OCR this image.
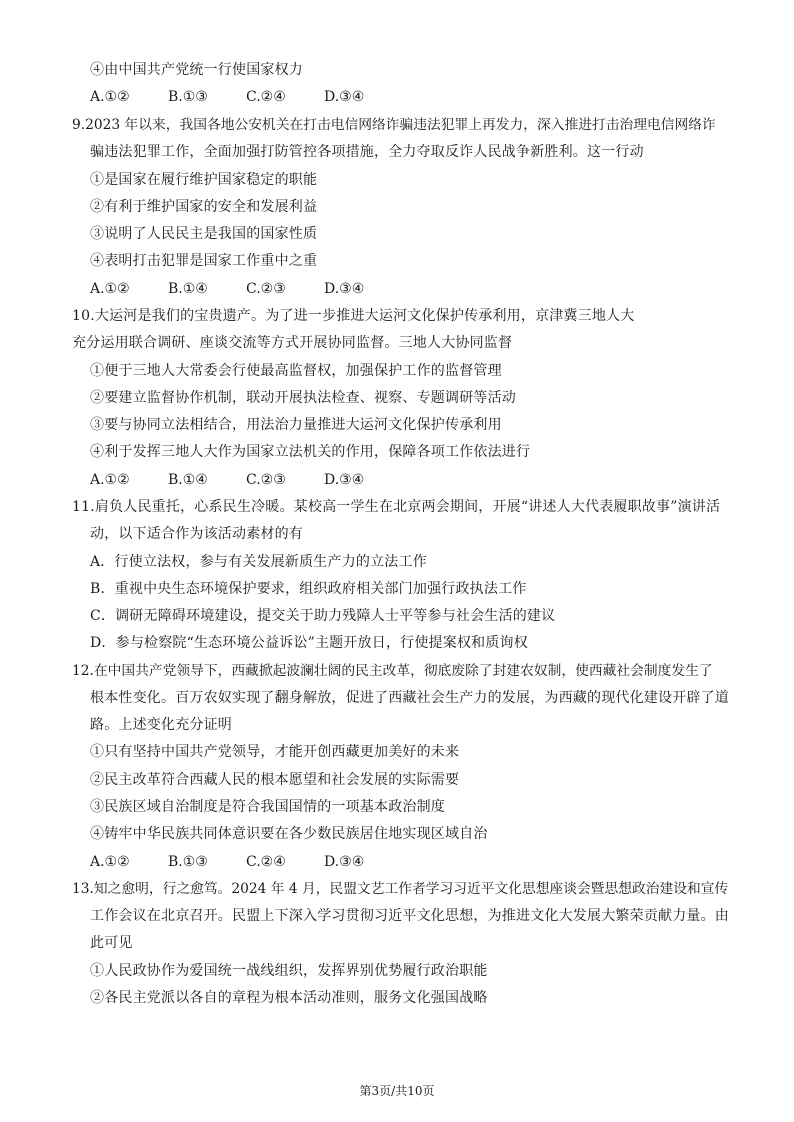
④由中国共产党统一行使国家权力
A.①②	B.①③	C.②④	D.③④
9.2023 年以来，我国各地公安机关在打击电信网络诈骗违法犯罪上再发力，深入推进打击治理电信网络诈
骗违法犯罪工作，全面加强打防管控各项措施，全力夺取反诈人民战争新胜利。这一行动
①是国家在履行维护国家稳定的职能
②有利于维护国家的安全和发展利益
③说明了人民民主是我国的国家性质
④表明打击犯罪是国家工作重中之重
A.①②	B.①④	C.②③	D.③④
10.大运河是我们的宝贵遗产。为了进一步推进大运河文化保护传承利用，京津冀三地人大
充分运用联合调研、座谈交流等方式开展协同监督。三地人大协同监督
①便于三地人大常委会行使最高监督权，加强保护工作的监督管理
②要建立监督协作机制，联动开展执法检查、视察、专题调研等活动
③要与协同立法相结合，用法治力量推进大运河文化保护传承利用
④利于发挥三地人大作为国家立法机关的作用，保障各项工作依法进行
A.①②	B.①④	C.②③	D.③④
11.肩负人民重托，心系民生冷暖。某校高一学生在北京两会期间，开展“讲述人大代表履职故事”演讲活
动，以下适合作为该活动素材的有
A．行使立法权，参与有关发展新质生产力的立法工作
B．重视中央生态环境保护要求，组织政府相关部门加强行政执法工作
C．调研无障碍环境建设，提交关于助力残障人士平等参与社会生活的建议
D．参与检察院“生态环境公益诉讼”主题开放日，行使提案权和质询权
12.在中国共产党领导下，西藏掀起波澜壮阔的民主改革，彻底废除了封建农奴制，使西藏社会制度发生了
根本性变化。百万农奴实现了翻身解放，促进了西藏社会生产力的发展，为西藏的现代化建设开辟了道
路。上述变化充分证明
①只有坚持中国共产党领导，才能开创西藏更加美好的未来
②民主改革符合西藏人民的根本愿望和社会发展的实际需要
③民族区域自治制度是符合我国国情的一项基本政治制度
④铸牢中华民族共同体意识要在各少数民族居住地实现区域自治
A.①②	B.①③	C.②④	D.③④
13.知之愈明，行之愈笃。2024 年 4 月，民盟文艺工作者学习习近平文化思想座谈会暨思想政治建设和宣传
工作会议在北京召开。民盟上下深入学习贯彻习近平文化思想，为推进文化大发展大繁荣贡献力量。由
此可见
①人民政协作为爱国统一战线组织，发挥界别优势履行政治职能
②各民主党派以各自的章程为根本活动准则，服务文化强国战略
第3页/共10页
